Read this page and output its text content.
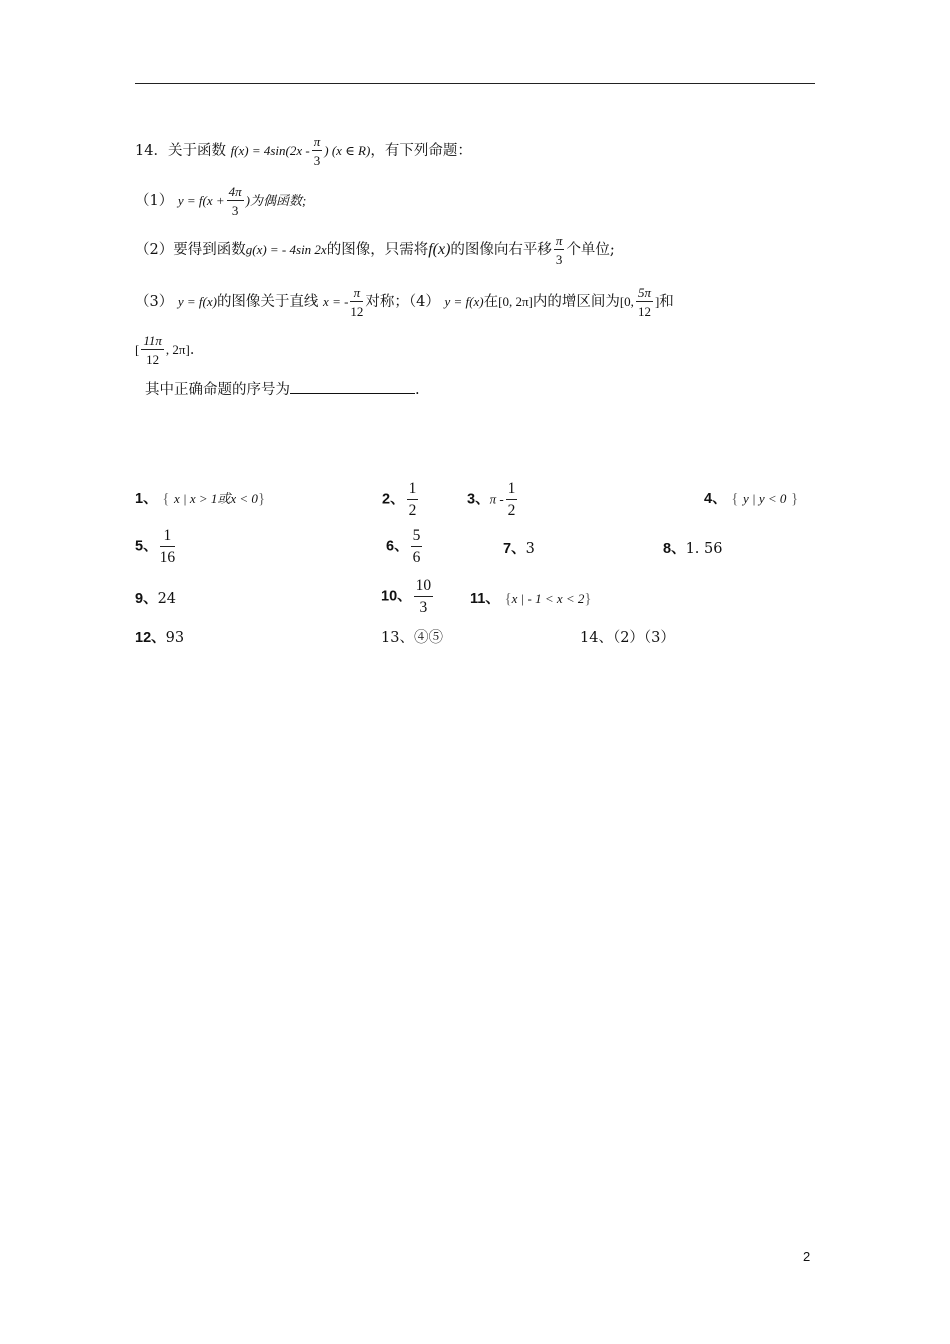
14．关于函数 $f(x) = 4\sin(2x - \frac{\pi}{3}$ ) (x ∈ R)，有下列命题：
（1） $y = f(x + \frac{4\pi}{3}$ )为偶函数;
（2）要得到函数g(x) = - 4sin 2x的图像，只需将f(x)的图像向右平移 $\frac{\pi}{3}$ 个单位;
（3） y = f(x)的图像关于直线 x = - $\frac{\pi}{12}$ 对称；（4） y = f(x)在[0, 2π]内的增区间为[0, $\frac{5\pi}{12}$ ]和
[ $\frac{11\pi}{12}$ , 2π]．
其中正确命题的序号为	.
1、 { x | x > 1或x < 0}	2、 $\frac{1}{2}$	3、π - $\frac{1}{2}$	4、 { y | y < 0 }
5、 $\frac{1}{16}$	6、 $\frac{5}{6}$	7、3	8、1. 56
9、24	10、 $\frac{10}{3}$	11、 {x | - 1 < x < 2}
12、93	13、④⑤	14、（2）（3）
2
